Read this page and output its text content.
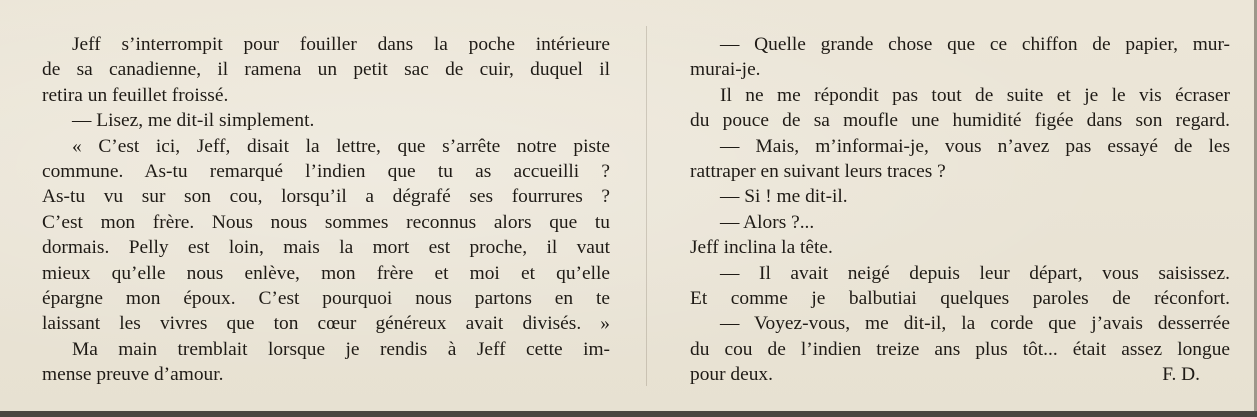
Jeff s’interrompit pour fouiller dans la poche intérieure
de sa canadienne, il ramena un petit sac de cuir, duquel il
retira un feuillet froissé.
— Lisez, me dit-il simplement.
« C’est ici, Jeff, disait la lettre, que s’arrête notre piste
commune. As-tu remarqué l’indien que tu as accueilli ?
As-tu vu sur son cou, lorsqu’il a dégrafé ses fourrures ?
C’est mon frère. Nous nous sommes reconnus alors que tu
dormais. Pelly est loin, mais la mort est proche, il vaut
mieux qu’elle nous enlève, mon frère et moi et qu’elle
épargne mon époux. C’est pourquoi nous partons en te
laissant les vivres que ton cœur généreux avait divisés. »
Ma main tremblait lorsque je rendis à Jeff cette im-
mense preuve d’amour.
— Quelle grande chose que ce chiffon de papier, mur-
murai-je.
Il ne me répondit pas tout de suite et je le vis écraser
du pouce de sa moufle une humidité figée dans son regard.
— Mais, m’informai-je, vous n’avez pas essayé de les
rattraper en suivant leurs traces ?
— Si ! me dit-il.
— Alors ?...
Jeff inclina la tête.
— Il avait neigé depuis leur départ, vous saisissez.
Et comme je balbutiai quelques paroles de réconfort.
— Voyez-vous, me dit-il, la corde que j’avais desserrée
du cou de l’indien treize ans plus tôt... était assez longue
pour deux.	F. D.
